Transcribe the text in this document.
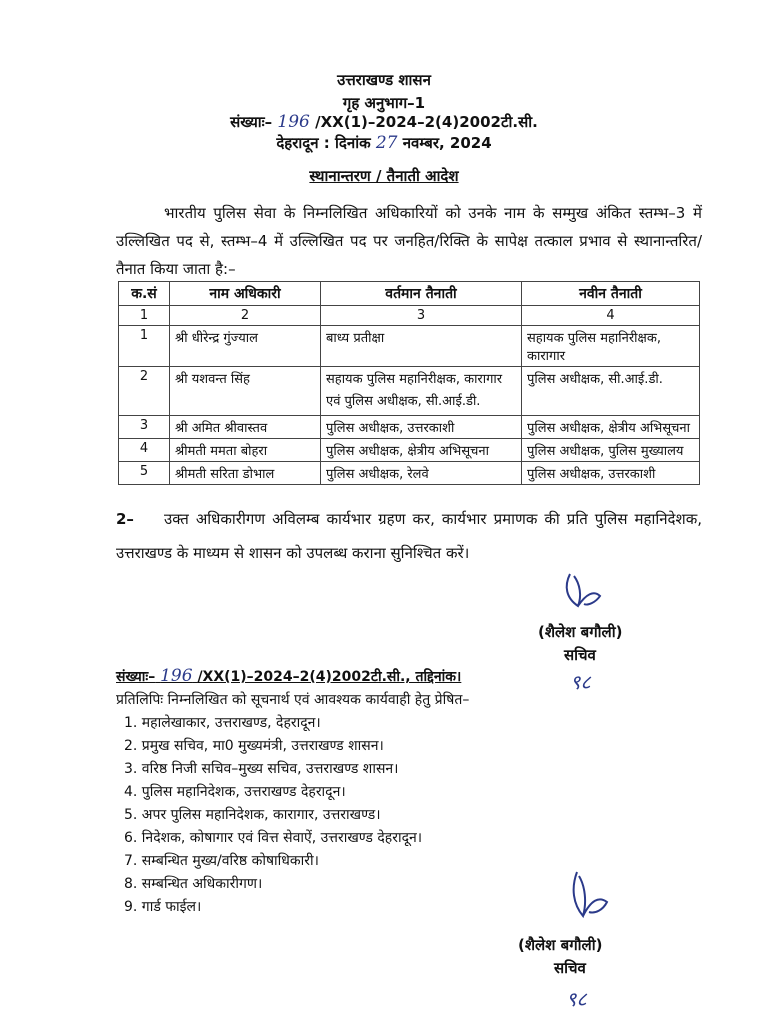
उत्तराखण्ड शासन
गृह अनुभाग–1
संख्याः– 196 /XX(1)–2024–2(4)2002टी.सी.
देहरादून : दिनांक 27 नवम्बर, 2024
स्थानान्तरण / तैनाती आदेश
भारतीय पुलिस सेवा के निम्नलिखित अधिकारियों को उनके नाम के सम्मुख अंकित स्तम्भ–3 में उल्लिखित पद से, स्तम्भ–4 में उल्लिखित पद पर जनहित/रिक्ति के सापेक्ष तत्काल प्रभाव से स्थानान्तरित/तैनात किया जाता है:–
क.सं	नाम अधिकारी	वर्तमान तैनाती	नवीन तैनाती
1	2	3	4
1	श्री धीरेन्द्र गुंज्याल	बाध्य प्रतीक्षा	सहायक पुलिस महानिरीक्षक, कारागार
2	श्री यशवन्त सिंह	सहायक पुलिस महानिरीक्षक, कारागार एवं पुलिस अधीक्षक, सी.आई.डी.	पुलिस अधीक्षक, सी.आई.डी.
3	श्री अमित श्रीवास्तव	पुलिस अधीक्षक, उत्तरकाशी	पुलिस अधीक्षक, क्षेत्रीय अभिसूचना
4	श्रीमती ममता बोहरा	पुलिस अधीक्षक, क्षेत्रीय अभिसूचना	पुलिस अधीक्षक, पुलिस मुख्यालय
5	श्रीमती सरिता डोभाल	पुलिस अधीक्षक, रेलवे	पुलिस अधीक्षक, उत्तरकाशी
2– उक्त अधिकारीगण अविलम्ब कार्यभार ग्रहण कर, कार्यभार प्रमाणक की प्रति पुलिस महानिदेशक, उत्तराखण्ड के माध्यम से शासन को उपलब्ध कराना सुनिश्चित करें।
(शैलेश बगौली)
सचिव
९८
संख्याः– 196 /XX(1)–2024–2(4)2002टी.सी., तद्दिनांक।
प्रतिलिपिः निम्नलिखित को सूचनार्थ एवं आवश्यक कार्यवाही हेतु प्रेषित–
1. महालेखाकार, उत्तराखण्ड, देहरादून।
2. प्रमुख सचिव, मा0 मुख्यमंत्री, उत्तराखण्ड शासन।
3. वरिष्ठ निजी सचिव–मुख्य सचिव, उत्तराखण्ड शासन।
4. पुलिस महानिदेशक, उत्तराखण्ड देहरादून।
5. अपर पुलिस महानिदेशक, कारागार, उत्तराखण्ड।
6. निदेशक, कोषागार एवं वित्त सेवाऐं, उत्तराखण्ड देहरादून।
7. सम्बन्धित मुख्य/वरिष्ठ कोषाधिकारी।
8. सम्बन्धित अधिकारीगण।
9. गार्ड फाईल।
(शैलेश बगौली)
सचिव
९८
